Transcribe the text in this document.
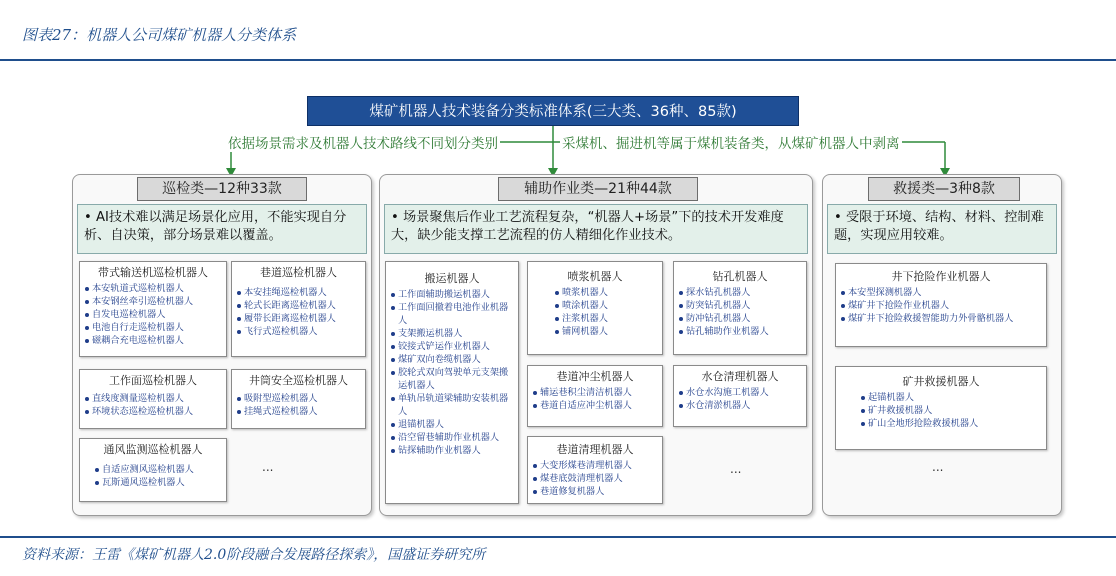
图表27：机器人公司煤矿机器人分类体系
煤矿机器人技术装备分类标准体系(三大类、36种、85款)
依据场景需求及机器人技术路线不同划分类别	采煤机、掘进机等属于煤机装备类，从煤矿机器人中剥离
巡检类—12种33款
• AI技术难以满足场景化应用，不能实现自分析、自决策，部分场景难以覆盖。
带式输送机巡检机器人
本安轨道式巡检机器人
本安钢丝牵引巡检机器人
自发电巡检机器人
电池自行走巡检机器人
磁耦合充电巡检机器人
巷道巡检机器人
本安挂绳巡检机器人
轮式长距离巡检机器人
履带长距离巡检机器人
飞行式巡检机器人
工作面巡检机器人
直线度测量巡检机器人
环境状态巡检巡检机器人
井筒安全巡检机器人
吸附型巡检机器人
挂绳式巡检机器人
通风监测巡检机器人
自适应测风巡检机器人
瓦斯通风巡检机器人
...
辅助作业类—21种44款
• 场景聚焦后作业工艺流程复杂，“机器人+场景”下的技术开发难度大，缺少能支撑工艺流程的仿人精细化作业技术。
搬运机器人
工作面辅助搬运机器人
工作面回撤着电池作业机器人
支架搬运机器人
铰接式铲运作业机器人
煤矿双向卷缆机器人
胶轮式双向驾驶单元支架搬运机器人
单轨吊轨道梁辅助安装机器人
退锚机器人
沿空留巷辅助作业机器人
钻探辅助作业机器人
喷浆机器人
喷浆机器人
喷涂机器人
注浆机器人
铺网机器人
钻孔机器人
探水钻孔机器人
防突钻孔机器人
防冲钻孔机器人
钻孔辅助作业机器人
巷道冲尘机器人
辅运巷积尘清洁机器人
巷道自适应冲尘机器人
水仓清理机器人
水仓水沟施工机器人
水仓清淤机器人
巷道清理机器人
大变形煤巷清理机器人
煤巷底鼓清理机器人
巷道修复机器人
...
救援类—3种8款
• 受限于环境、结构、材料、控制难题，实现应用较难。
井下抢险作业机器人
本安型探测机器人
煤矿井下抢险作业机器人
煤矿井下抢险救援智能助力外骨骼机器人
矿井救援机器人
起锚机器人
矿井救援机器人
矿山全地形抢险救援机器人
...
资料来源：王雷《煤矿机器人2.0阶段融合发展路径探索》，国盛证券研究所
